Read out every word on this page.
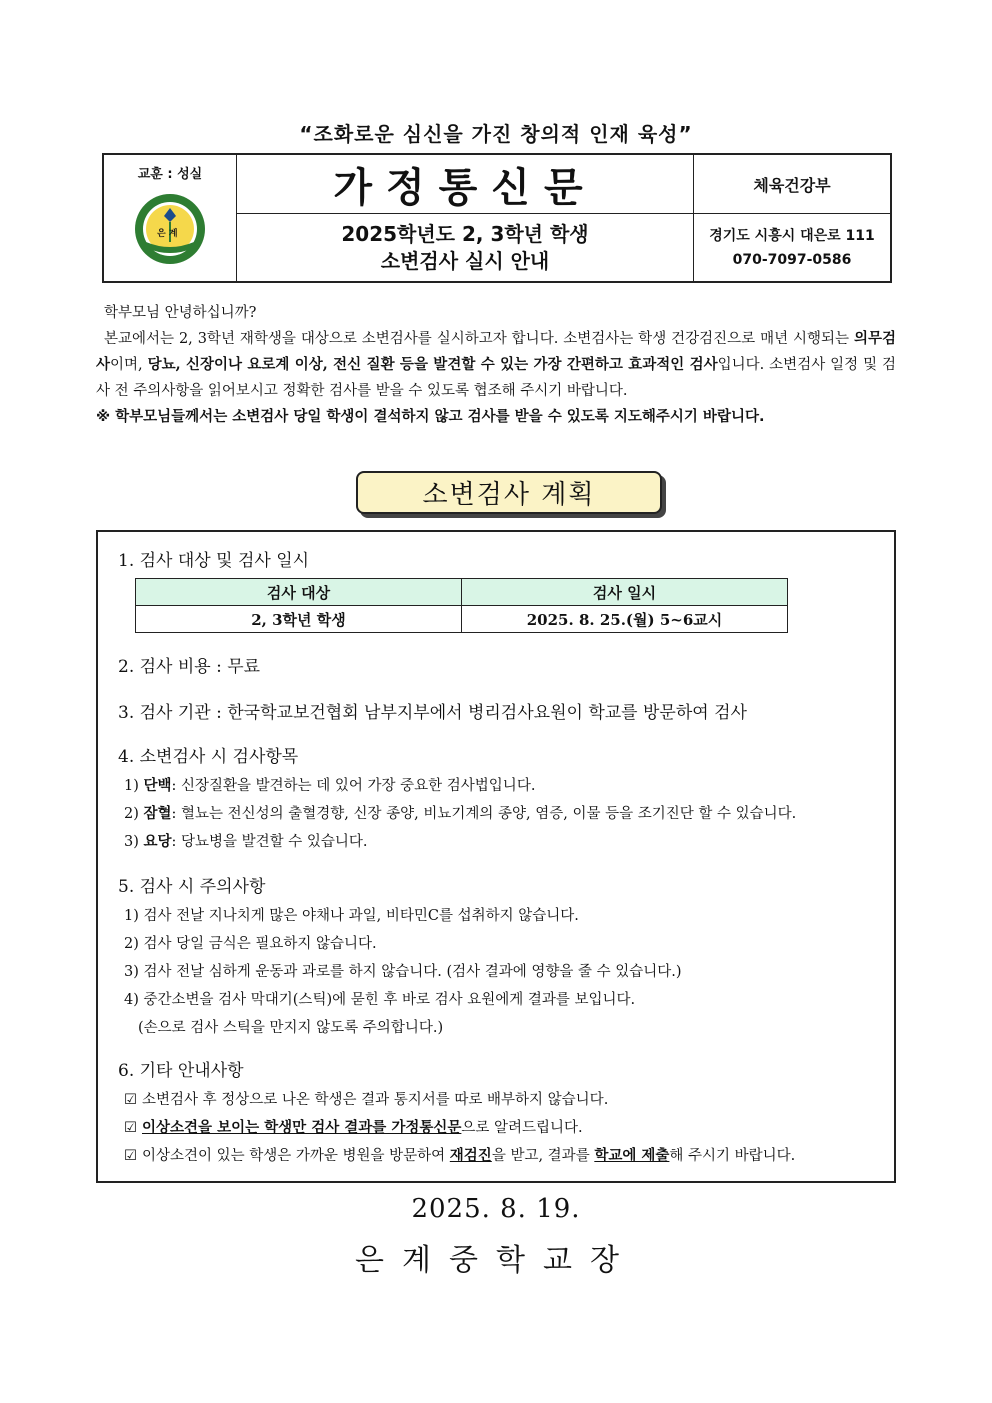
“조화로운 심신을 가진 창의적 인재 육성”
교훈 : 성실
은 계
가정통신문	체육건강부
2025학년도 2, 3학년 학생
소변검사 실시 안내
경기도 시흥시 대은로 111
070-7097-0586

학부모님 안녕하십니까?

본교에서는 2, 3학년 재학생을 대상으로 소변검사를 실시하고자 합니다. 소변검사는 학생 건강검진으로 매년 시행되는 의무검사이며, 당뇨, 신장이나 요로계 이상, 전신 질환 등을 발견할 수 있는 가장 간편하고 효과적인 검사입니다. 소변검사 일정 및 검사 전 주의사항을 읽어보시고 정확한 검사를 받을 수 있도록 협조해 주시기 바랍니다.

※ 학부모님들께서는 소변검사 당일 학생이 결석하지 않고 검사를 받을 수 있도록 지도해주시기 바랍니다.

소변검사 계획
1. 검사 대상 및 검사 일시
검사 대상	검사 일시
2, 3학년 학생	2025. 8. 25.(월) 5~6교시
2. 검사 비용 : 무료
3. 검사 기관 : 한국학교보건협회 남부지부에서 병리검사요원이 학교를 방문하여 검사
4. 소변검사 시 검사항목
1) 단백: 신장질환을 발견하는 데 있어 가장 중요한 검사법입니다.
2) 잠혈: 혈뇨는 전신성의 출혈경향, 신장 종양, 비뇨기계의 종양, 염증, 이물 등을 조기진단 할 수 있습니다.
3) 요당: 당뇨병을 발견할 수 있습니다.
5. 검사 시 주의사항
1) 검사 전날 지나치게 많은 야채나 과일, 비타민C를 섭취하지 않습니다.
2) 검사 당일 금식은 필요하지 않습니다.
3) 검사 전날 심하게 운동과 과로를 하지 않습니다. (검사 결과에 영향을 줄 수 있습니다.)
4) 중간소변을 검사 막대기(스틱)에 묻힌 후 바로 검사 요원에게 결과를 보입니다.
(손으로 검사 스틱을 만지지 않도록 주의합니다.)
6. 기타 안내사항
☑ 소변검사 후 정상으로 나온 학생은 결과 통지서를 따로 배부하지 않습니다.
☑ 이상소견을 보이는 학생만 검사 결과를 가정통신문으로 알려드립니다.
☑ 이상소견이 있는 학생은 가까운 병원을 방문하여 재검진을 받고, 결과를 학교에 제출해 주시기 바랍니다.
2025. 8. 19.
은계중학교장
